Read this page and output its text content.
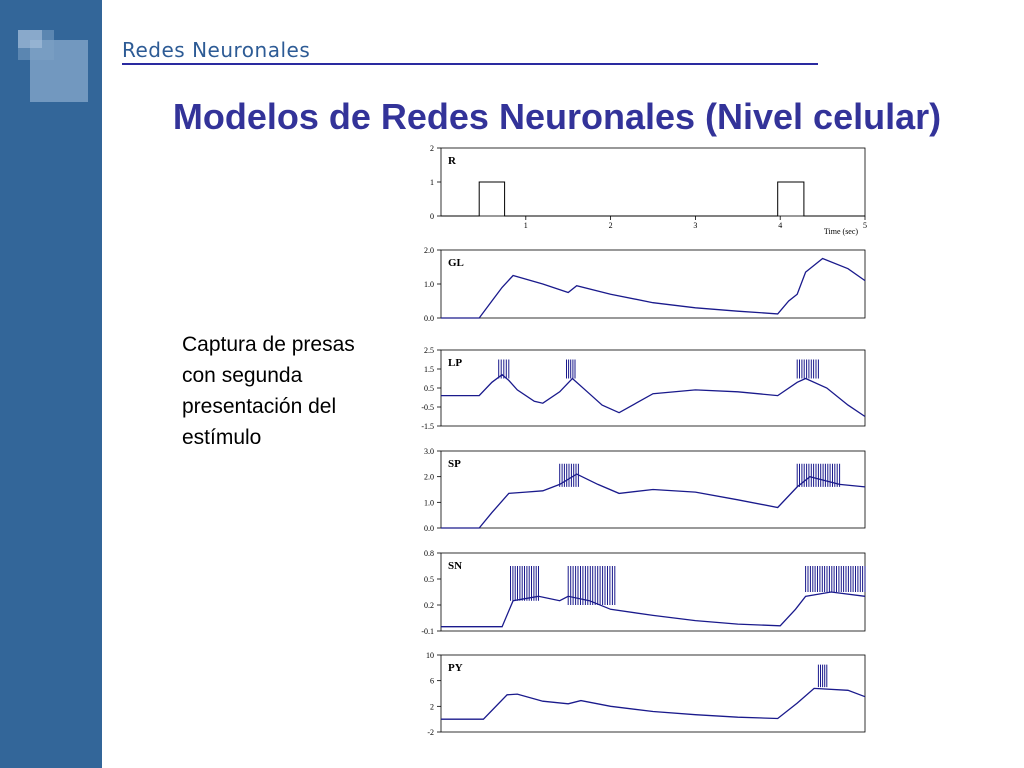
Redes Neuronales
Modelos de Redes Neuronales (Nivel celular)
Captura de presas
con segunda
presentación del
estímulo
0
1
2
1	2	3	4	5
Time (sec)
R
0.0
1.0
2.0
GL
-1.5
-0.5
0.5
1.5
2.5
LP
0.0
1.0
2.0
3.0
SP
-0.1
0.2
0.5
0.8
SN
-2
2
6
10
PY
